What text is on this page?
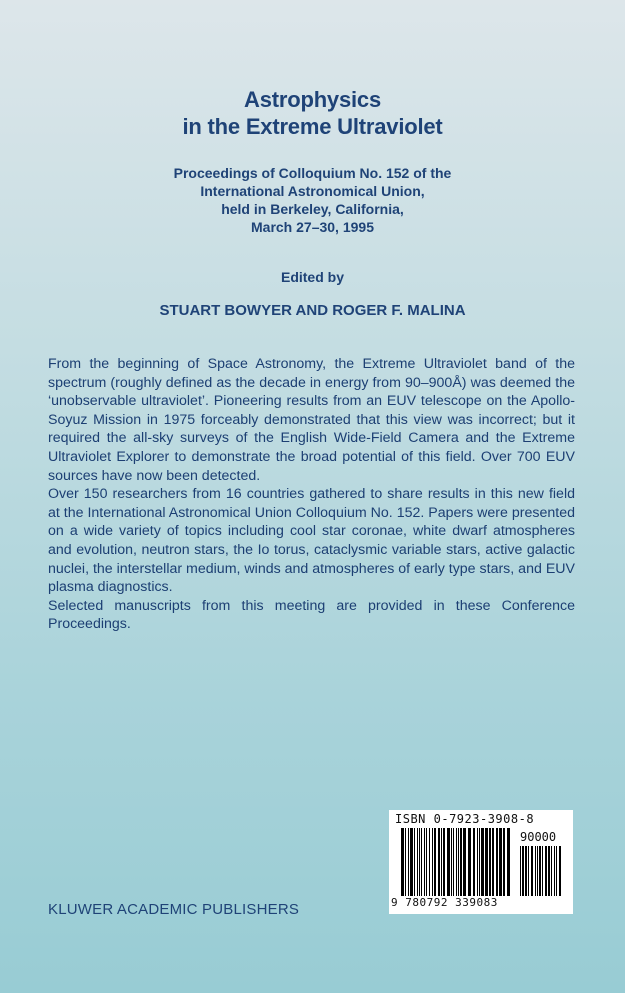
Astrophysics
in the Extreme Ultraviolet
Proceedings of Colloquium No. 152 of the
International Astronomical Union,
held in Berkeley, California,
March 27–30, 1995
Edited by
STUART BOWYER AND ROGER F. MALINA

From the beginning of Space Astronomy, the Extreme Ultraviolet band of the spectrum (roughly defined as the decade in energy from 90–900Å) was deemed the ‘unobservable ultraviolet’. Pioneering results from an EUV telescope on the Apollo-Soyuz Mission in 1975 forceably demonstrated that this view was incorrect; but it required the all-sky surveys of the English Wide-Field Camera and the Extreme Ultraviolet Explorer to demonstrate the broad potential of this field. Over 700 EUV sources have now been detected.

Over 150 researchers from 16 countries gathered to share results in this new field at the International Astronomical Union Colloquium No. 152. Papers were presented on a wide variety of topics including cool star coronae, white dwarf atmospheres and evolution, neutron stars, the Io torus, cataclysmic variable stars, active galactic nuclei, the interstellar medium, winds and atmospheres of early type stars, and EUV plasma diagnostics.

Selected manuscripts from this meeting are provided in these Conference Proceedings.

ISBN 0-7923-3908-8
90000
9 780792 339083
KLUWER ACADEMIC PUBLISHERS
